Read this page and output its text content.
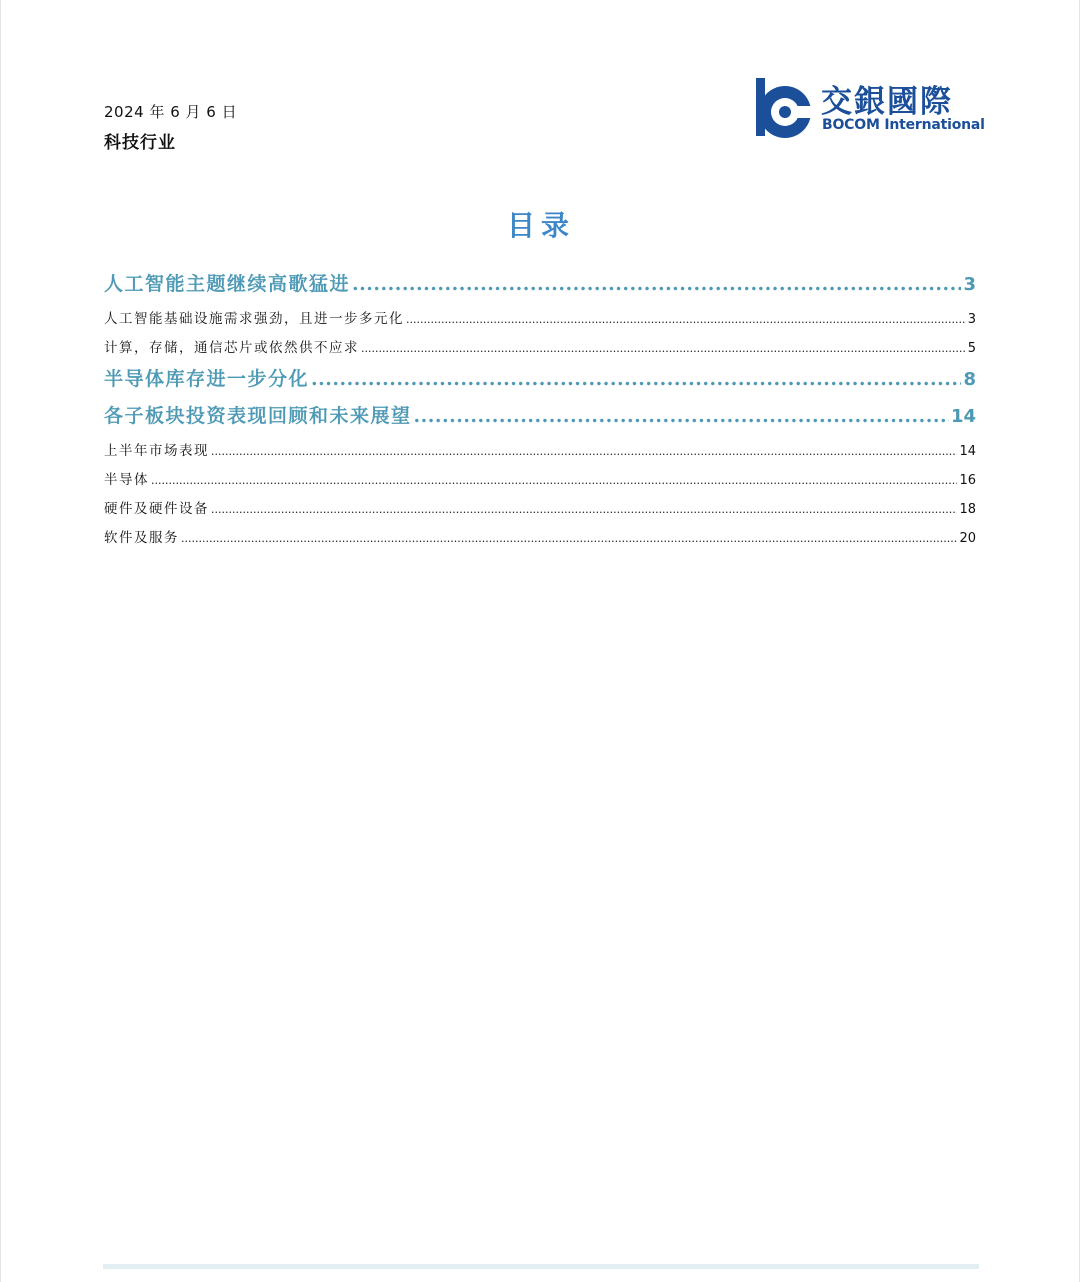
2024 年 6 月 6 日
科技行业
交銀國際
BOCOM International
目录
人工智能主题继续高歌猛进 .....	3
人工智能基础设施需求强劲，且进一步多元化 .....	3
计算，存储，通信芯片或依然供不应求 .....	5
半导体库存进一步分化 .....	8
各子板块投资表现回顾和未来展望 .....	14
上半年市场表现 .....	14
半导体 .....	16
硬件及硬件设备 .....	18
软件及服务 .....	20
